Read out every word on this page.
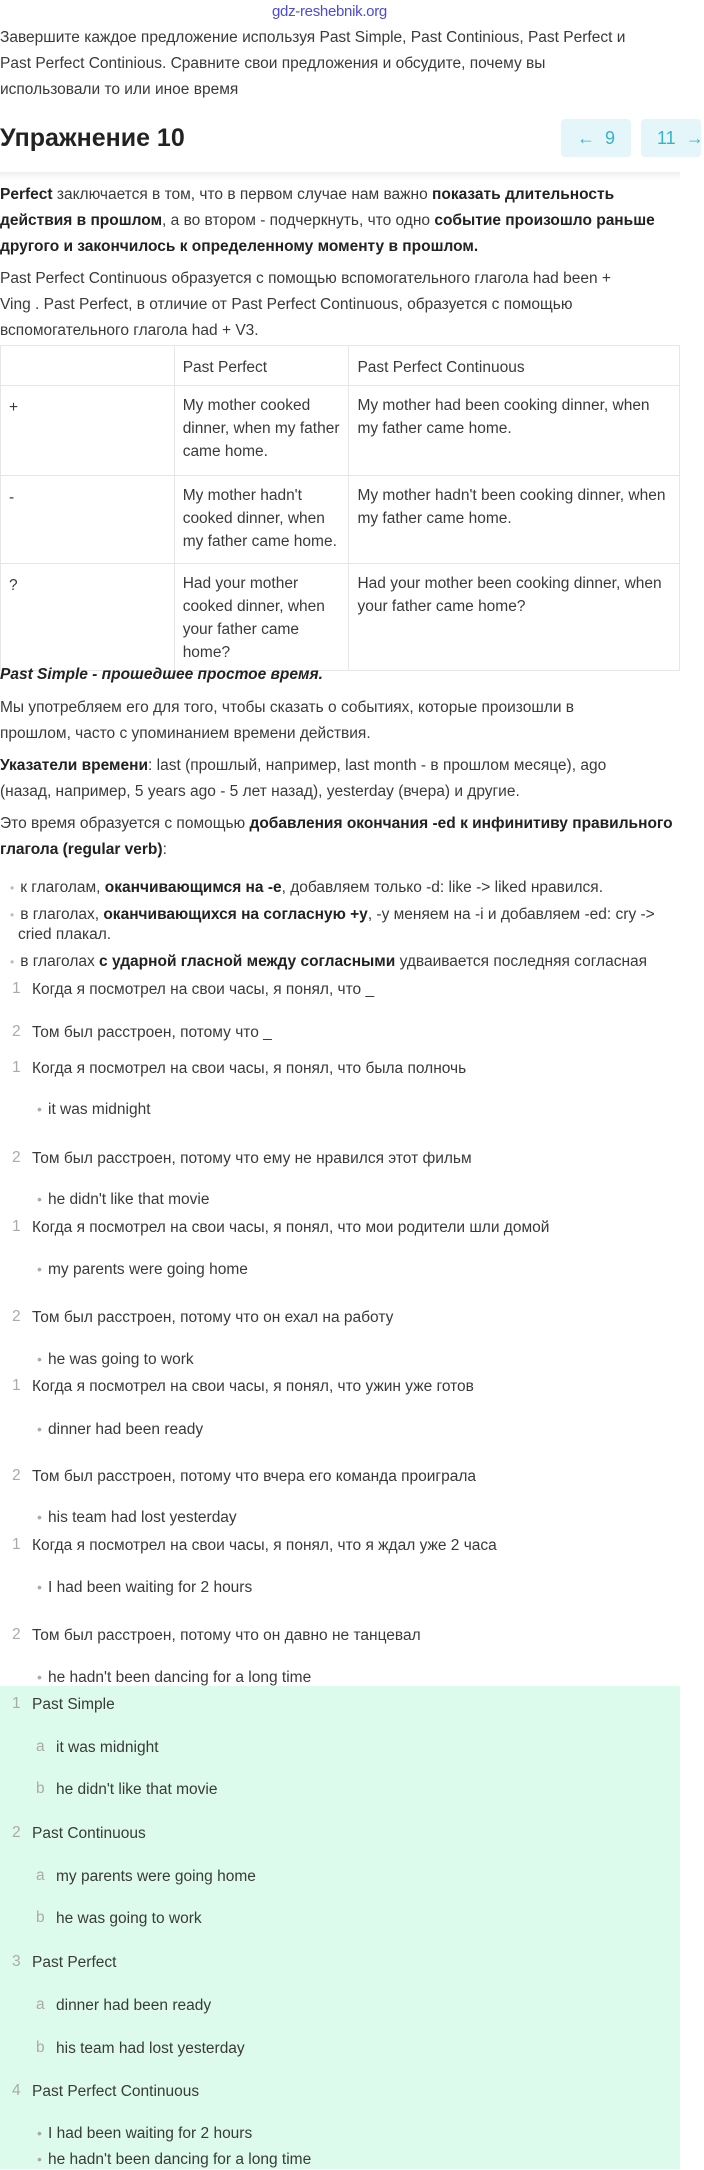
gdz-reshebnik.org
Завершите каждое предложение используя Past Simple, Past Continious, Past Perfect и
Past Perfect Continious. Сравните свои предложения и обсудите, почему вы
использовали то или иное время
Упражнение 10	← 9 11 →
Perfect заключается в том, что в первом случае нам важно показать длительность
действия в прошлом, а во втором - подчеркнуть, что одно событие произошло раньше
другого и закончилось к определенному моменту в прошлом.
Past Perfect Continuous образуется с помощью вспомогательного глагола had been +
Ving . Past Perfect, в отличие от Past Perfect Continuous, образуется с помощью
вспомогательного глагола had + V3.
	Past Perfect	Past Perfect Continuous
+	My mother cooked dinner, when my father came home.	My mother had been cooking dinner, when my father came home.
-	My mother hadn't cooked dinner, when my father came home.	My mother hadn't been cooking dinner, when my father came home.
?	Had your mother cooked dinner, when your father came home?	Had your mother been cooking dinner, when your father came home?
Past Simple - прошедшее простое время.
Мы употребляем его для того, чтобы сказать о событиях, которые произошли в
прошлом, часто с упоминанием времени действия.
Указатели времени: last (прошлый, например, last month - в прошлом месяце), ago
(назад, например, 5 years ago - 5 лет назад), yesterday (вчера) и другие.
Это время образуется с помощью добавления окончания -ed к инфинитиву правильного
глагола (regular verb):
• к глаголам, оканчивающимся на -е, добавляем только -d: like -> liked нравился.
• в глаголах, оканчивающихся на согласную +у, -у меняем на -i и добавляем -ed: cry ->
cried плакал.
• в глаголах с ударной гласной между согласными удваивается последняя согласная
1 Когда я посмотрел на свои часы, я понял, что _
2 Том был расстроен, потому что _
1 Когда я посмотрел на свои часы, я понял, что была полночь
• it was midnight
2 Том был расстроен, потому что ему не нравился этот фильм
• he didn't like that movie
1 Когда я посмотрел на свои часы, я понял, что мои родители шли домой
• my parents were going home
2 Том был расстроен, потому что он ехал на работу
• he was going to work
1 Когда я посмотрел на свои часы, я понял, что ужин уже готов
• dinner had been ready
2 Том был расстроен, потому что вчера его команда проиграла
• his team had lost yesterday
1 Когда я посмотрел на свои часы, я понял, что я ждал уже 2 часа
• I had been waiting for 2 hours
2 Том был расстроен, потому что он давно не танцевал
• he hadn't been dancing for a long time
1 Past Simple
a it was midnight
b he didn't like that movie
2 Past Continuous
a my parents were going home
b he was going to work
3 Past Perfect
a dinner had been ready
b his team had lost yesterday
4 Past Perfect Continuous
• I had been waiting for 2 hours
• he hadn't been dancing for a long time
